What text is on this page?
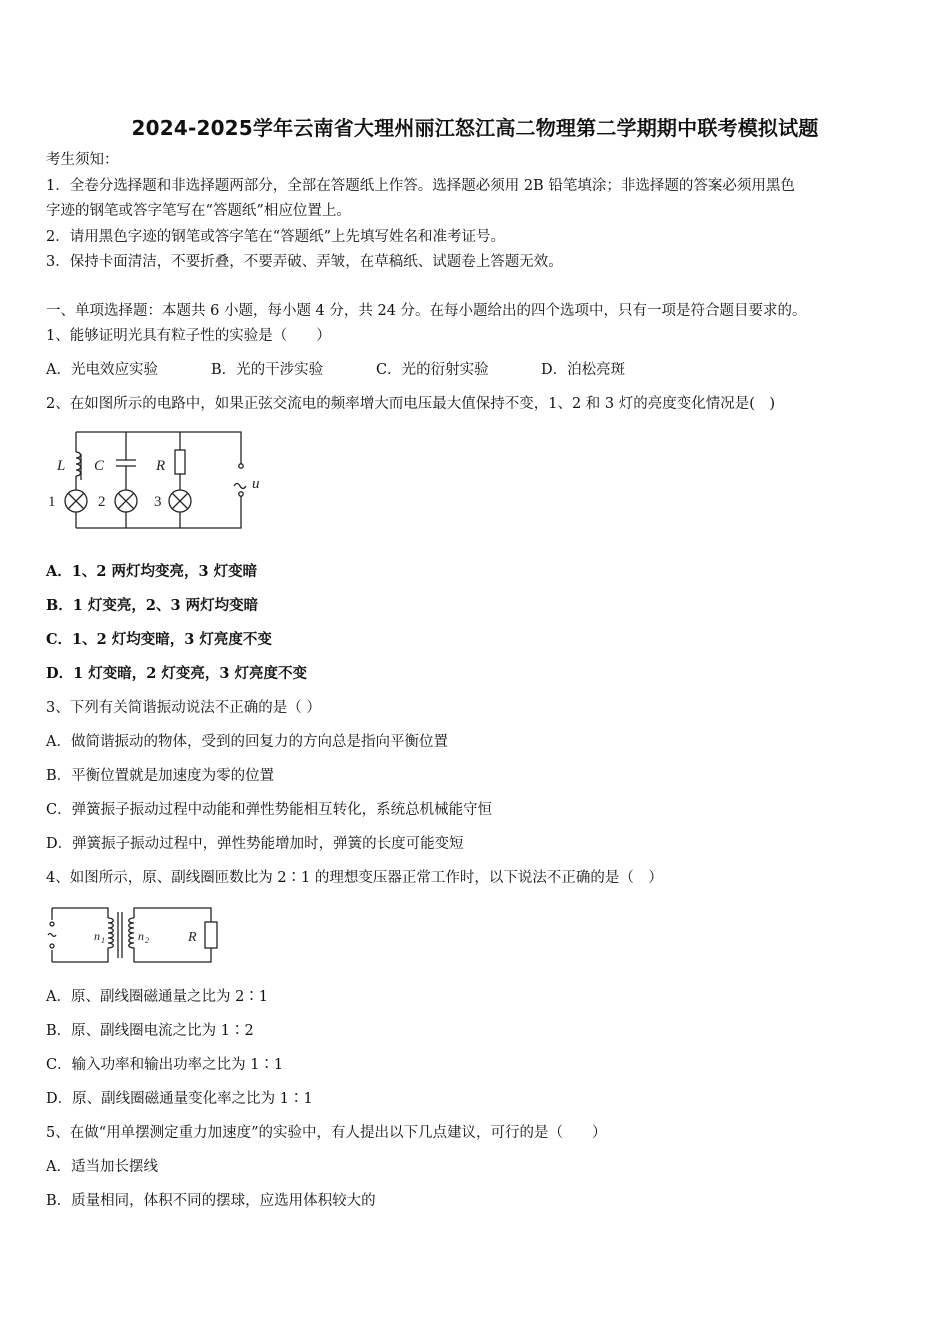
2024-2025学年云南省大理州丽江怒江高二物理第二学期期中联考模拟试题
考生须知：
1．全卷分选择题和非选择题两部分，全部在答题纸上作答。选择题必须用 2B 铅笔填涂；非选择题的答案必须用黑色
字迹的钢笔或答字笔写在“答题纸”相应位置上。
2．请用黑色字迹的钢笔或答字笔在“答题纸”上先填写姓名和准考证号。
3．保持卡面清洁，不要折叠，不要弄破、弄皱，在草稿纸、试题卷上答题无效。
一、单项选择题：本题共 6 小题，每小题 4 分，共 24 分。在每小题给出的四个选项中，只有一项是符合题目要求的。
1、能够证明光具有粒子性的实验是（　　）
A．光电效应实验	B．光的干涉实验	C．光的衍射实验	D．泊松亮斑
2、在如图所示的电路中，如果正弦交流电的频率增大而电压最大值保持不变，1、2 和 3 灯的亮度变化情况是(　)
L C	R
u
1	2	3
A．1、2 两灯均变亮，3 灯变暗
B．1 灯变亮，2、3 两灯均变暗
C．1、2 灯均变暗，3 灯亮度不变
D．1 灯变暗，2 灯变亮，3 灯亮度不变
3、下列有关简谐振动说法不正确的是（ ）
A．做简谐振动的物体，受到的回复力的方向总是指向平衡位置
B．平衡位置就是加速度为零的位置
C．弹簧振子振动过程中动能和弹性势能相互转化，系统总机械能守恒
D．弹簧振子振动过程中，弹性势能增加时，弹簧的长度可能变短
4、如图所示，原、副线圈匝数比为 2∶1 的理想变压器正常工作时，以下说法不正确的是（　）
n 1	n 2	R
A．原、副线圈磁通量之比为 2∶1
B．原、副线圈电流之比为 1∶2
C．输入功率和输出功率之比为 1∶1
D．原、副线圈磁通量变化率之比为 1∶1
5、在做“用单摆测定重力加速度”的实验中，有人提出以下几点建议，可行的是（　　）
A．适当加长摆线
B．质量相同，体积不同的摆球，应选用体积较大的
